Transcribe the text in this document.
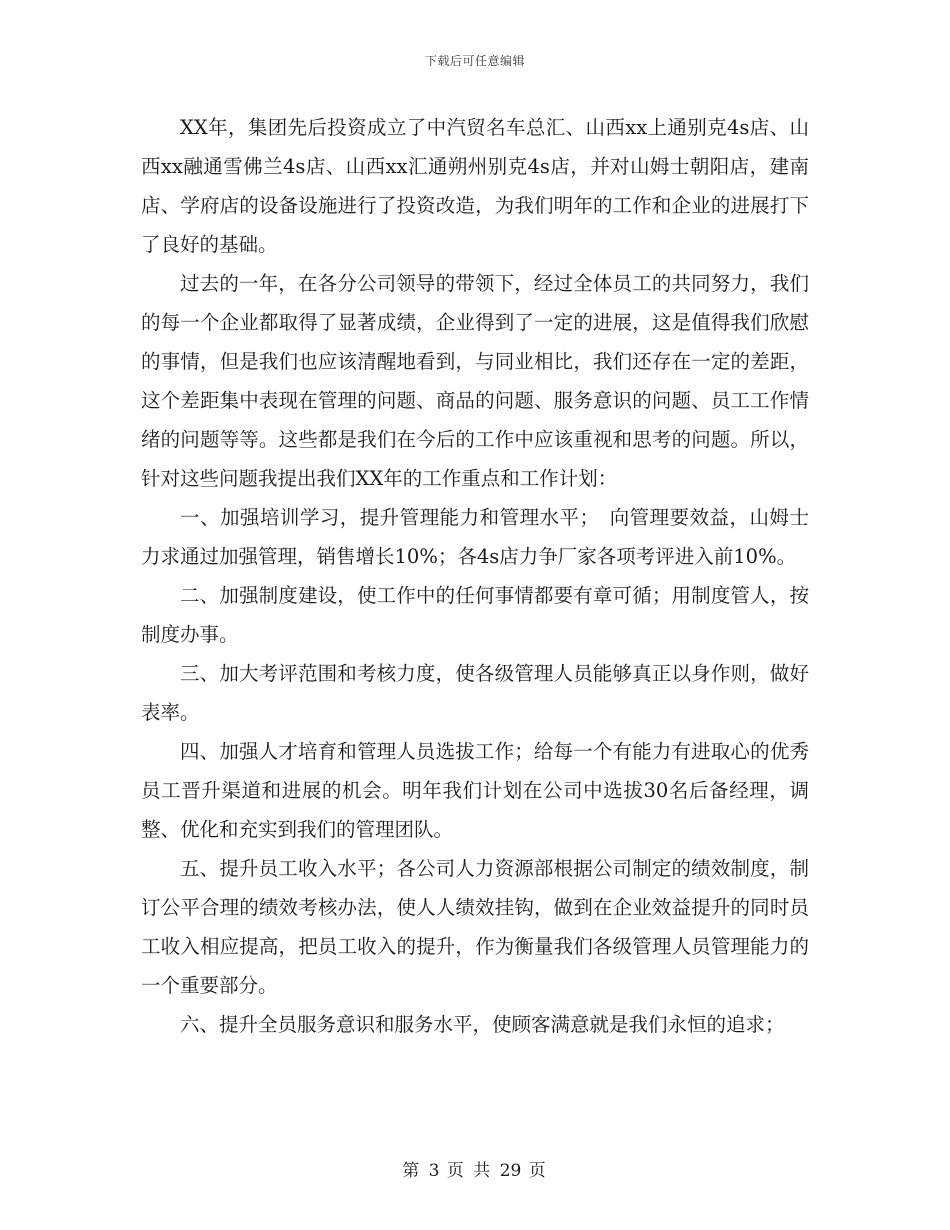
下载后可任意编辑

XX年，集团先后投资成立了中汽贸名车总汇、山西xx上通别克4s店、山西xx融通雪佛兰4s店、山西xx汇通朔州别克4s店，并对山姆士朝阳店，建南店、学府店的设备设施进行了投资改造，为我们明年的工作和企业的进展打下了良好的基础。

过去的一年，在各分公司领导的带领下，经过全体员工的共同努力，我们的每一个企业都取得了显著成绩，企业得到了一定的进展，这是值得我们欣慰的事情，但是我们也应该清醒地看到，与同业相比，我们还存在一定的差距，这个差距集中表现在管理的问题、商品的问题、服务意识的问题、员工工作情绪的问题等等。这些都是我们在今后的工作中应该重视和思考的问题。所以，针对这些问题我提出我们XX年的工作重点和工作计划：

一、加强培训学习，提升管理能力和管理水平；　向管理要效益，山姆士力求通过加强管理，销售增长10%；各4s店力争厂家各项考评进入前10%。

二、加强制度建设，使工作中的任何事情都要有章可循；用制度管人，按制度办事。

三、加大考评范围和考核力度，使各级管理人员能够真正以身作则，做好表率。

四、加强人才培育和管理人员选拔工作；给每一个有能力有进取心的优秀员工晋升渠道和进展的机会。明年我们计划在公司中选拔30名后备经理，调整、优化和充实到我们的管理团队。

五、提升员工收入水平；各公司人力资源部根据公司制定的绩效制度，制订公平合理的绩效考核办法，使人人绩效挂钩，做到在企业效益提升的同时员工收入相应提高，把员工收入的提升，作为衡量我们各级管理人员管理能力的一个重要部分。

六、提升全员服务意识和服务水平，使顾客满意就是我们永恒的追求；

第 3 页 共 29 页
